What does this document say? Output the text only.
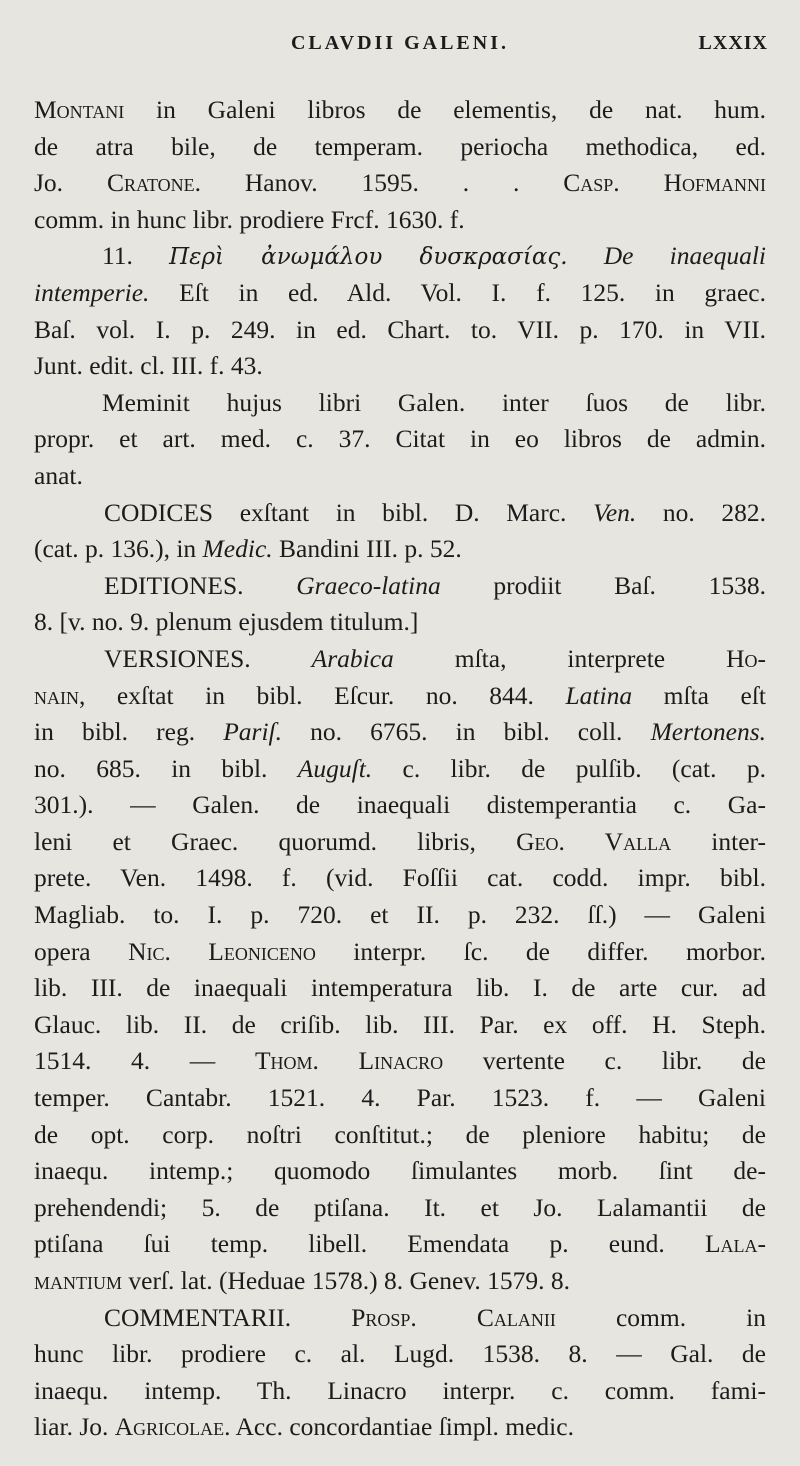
CLAVDII GALENI.	LXXIX
Montani in Galeni libros de elementis, de nat. hum.
de atra bile, de temperam. periocha methodica, ed.
Jo. Cratone. Hanov. 1595. . . Casp. Hofmanni
comm. in hunc libr. prodiere Frcf. 1630. f.
11. Περὶ ἀνωμάλου δυσκρασίας. De inaequali
intemperie. Eſt in ed. Ald. Vol. I. f. 125. in graec.
Baſ. vol. I. p. 249. in ed. Chart. to. VII. p. 170. in VII.
Junt. edit. cl. III. f. 43.
Meminit hujus libri Galen. inter ſuos de libr.
propr. et art. med. c. 37. Citat in eo libros de admin.
anat.
CODICES exſtant in bibl. D. Marc. Ven. no. 282.
(cat. p. 136.), in Medic. Bandini III. p. 52.
EDITIONES. Graeco-latina prodiit Baſ. 1538.
8. [v. no. 9. plenum ejusdem titulum.]
VERSIONES. Arabica mſta, interprete Ho-
nain, exſtat in bibl. Eſcur. no. 844. Latina mſta eſt
in bibl. reg. Pariſ. no. 6765. in bibl. coll. Mertonens.
no. 685. in bibl. Auguſt. c. libr. de pulſib. (cat. p.
301.). — Galen. de inaequali distemperantia c. Ga-
leni et Graec. quorumd. libris, Geo. Valla inter-
prete. Ven. 1498. f. (vid. Foſſii cat. codd. impr. bibl.
Magliab. to. I. p. 720. et II. p. 232. ſſ.) — Galeni
opera Nic. Leoniceno interpr. ſc. de differ. morbor.
lib. III. de inaequali intemperatura lib. I. de arte cur. ad
Glauc. lib. II. de criſib. lib. III. Par. ex off. H. Steph.
1514. 4. — Thom. Linacro vertente c. libr. de
temper. Cantabr. 1521. 4. Par. 1523. f. — Galeni
de opt. corp. noſtri conſtitut.; de pleniore habitu; de
inaequ. intemp.; quomodo ſimulantes morb. ſint de-
prehendendi; 5. de ptiſana. It. et Jo. Lalamantii de
ptiſana ſui temp. libell. Emendata p. eund. Lala-
mantium verſ. lat. (Heduae 1578.) 8. Genev. 1579. 8.
COMMENTARII. Prosp. Calanii comm. in
hunc libr. prodiere c. al. Lugd. 1538. 8. — Gal. de
inaequ. intemp. Th. Linacro interpr. c. comm. fami-
liar. Jo. Agricolae. Acc. concordantiae ſimpl. medic.
